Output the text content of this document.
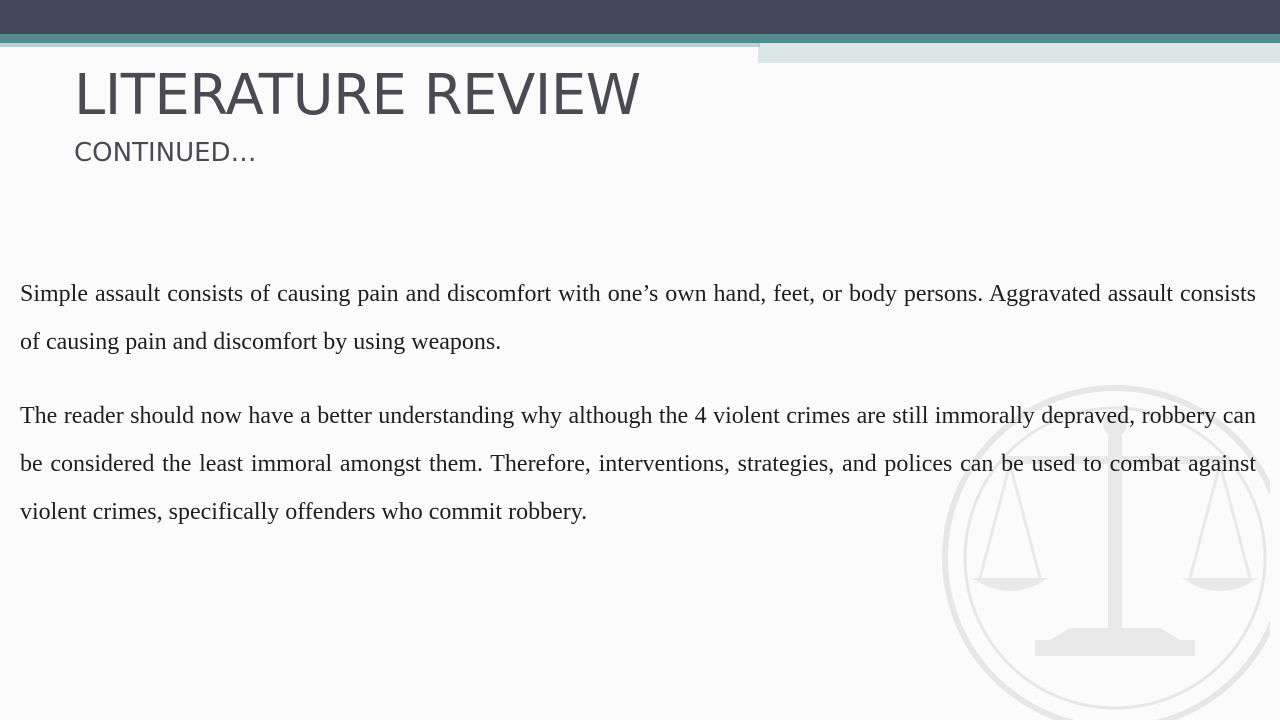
LITERATURE REVIEW
CONTINUED…

Simple assault consists of causing pain and discomfort with one’s own hand, feet, or body persons. Aggravated assault consists of causing pain and discomfort by using weapons.

The reader should now have a better understanding why although the 4 violent crimes are still immorally depraved, robbery can be considered the least immoral amongst them. Therefore, interventions, strategies, and polices can be used to combat against violent crimes, specifically offenders who commit robbery.
